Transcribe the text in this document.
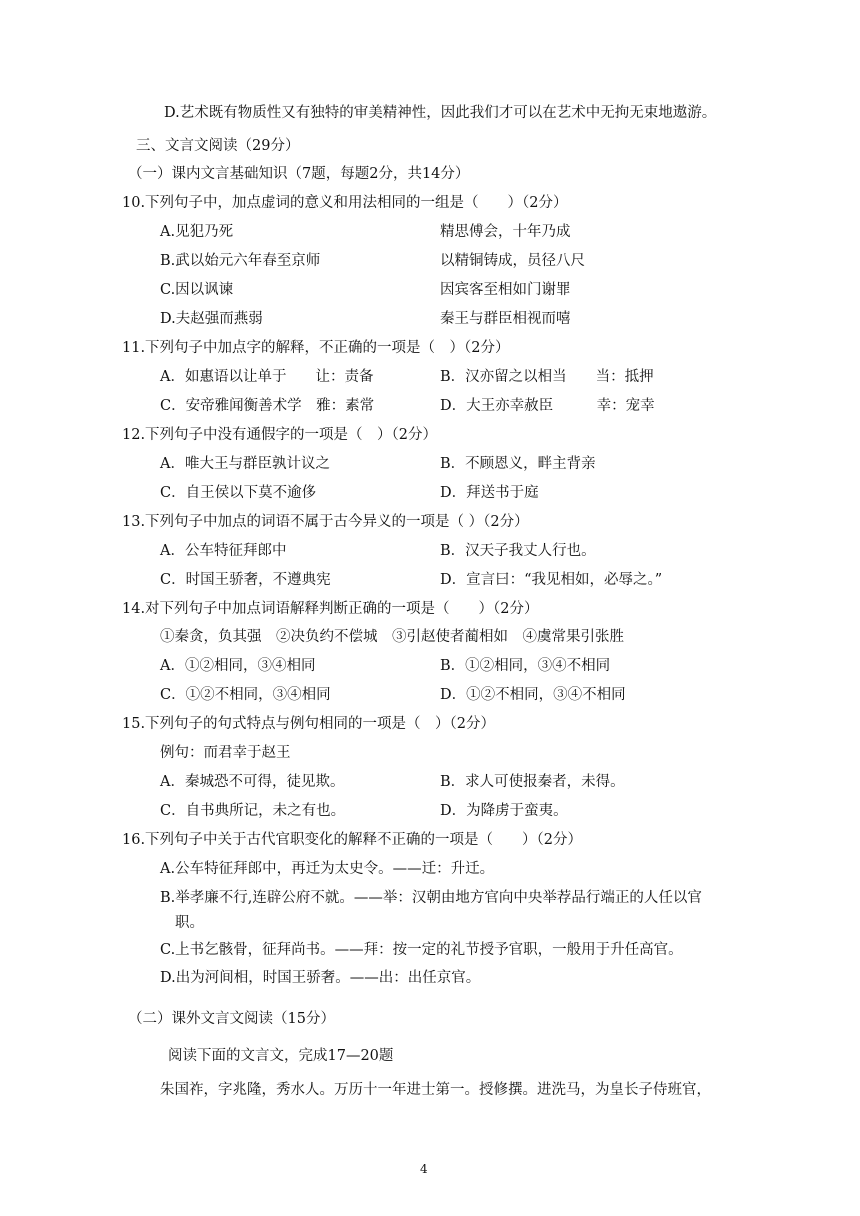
D.艺术既有物质性又有独特的审美精神性，因此我们才可以在艺术中无拘无束地遨游。
三、文言文阅读（29分）
（一）课内文言基础知识（7题，每题2分，共14分）
10.下列句子中，加点虚词的意义和用法相同的一组是（　　）（2分）
A.见犯乃死	精思傅会，十年乃成
B.武以始元六年春至京师	以精铜铸成，员径八尺
C.因以讽谏	因宾客至相如门谢罪
D.夫赵强而燕弱	秦王与群臣相视而嘻
11.下列句子中加点字的解释，不正确的一项是（　）（2分）
A．如惠语以让单于　　让：责备	B．汉亦留之以相当　　当：抵押
C．安帝雅闻衡善术学　雅：素常	D．大王亦幸赦臣　　　幸：宠幸
12.下列句子中没有通假字的一项是（　）（2分）
A．唯大王与群臣孰计议之	B．不顾恩义，畔主背亲
C．自王侯以下莫不逾侈	D．拜送书于庭
13.下列句子中加点的词语不属于古今异义的一项是（ ）（2分）
A．公车特征拜郎中	B．汉天子我丈人行也。
C．时国王骄奢，不遵典宪	D．宣言曰：“我见相如，必辱之。”
14.对下列句子中加点词语解释判断正确的一项是（　　）（2分）
①秦贪，负其强　②决负约不偿城　③引赵使者蔺相如　④虞常果引张胜
A．①②相同，③④相同	B．①②相同，③④不相同
C．①②不相同，③④相同	D．①②不相同，③④不相同
15.下列句子的句式特点与例句相同的一项是（　）（2分）
例句：而君幸于赵王
A．秦城恐不可得，徒见欺。	B．求人可使报秦者，未得。
C．自书典所记，未之有也。	D．为降虏于蛮夷。
16.下列句子中关于古代官职变化的解释不正确的一项是（　　）（2分）
A.公车特征拜郎中，再迁为太史令。——迁：升迁。
B.举孝廉不行,连辟公府不就。——举：汉朝由地方官向中央举荐品行端正的人任以官
职。
C.上书乞骸骨，征拜尚书。——拜：按一定的礼节授予官职，一般用于升任高官。
D.出为河间相，时国王骄奢。——出：出任京官。
（二）课外文言文阅读（15分）
阅读下面的文言文，完成17—20题
朱国祚，字兆隆，秀水人。万历十一年进士第一。授修撰。进洗马，为皇长子侍班官，
4
